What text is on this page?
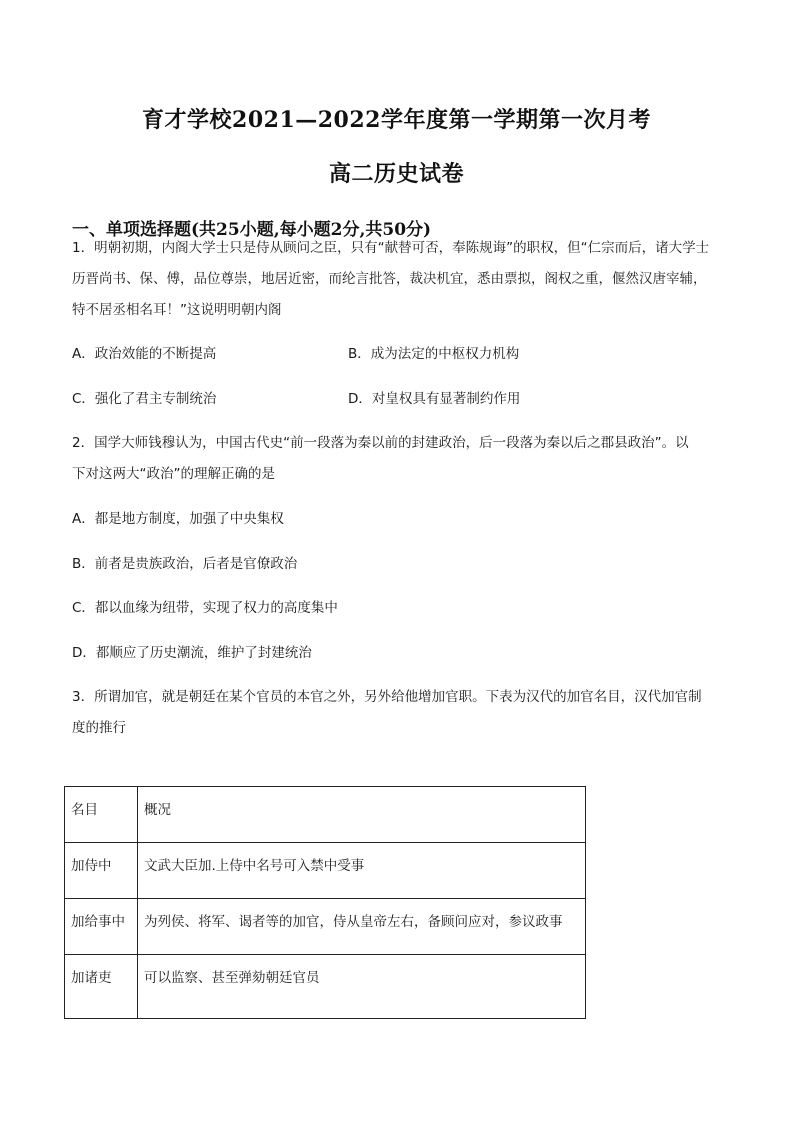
育才学校2021—2022学年度第一学期第一次月考
高二历史试卷
一、单项选择题(共25小题,每小题2分,共50分)
1．明朝初期，内阁大学士只是侍从顾问之臣，只有“献替可否，奉陈规诲”的职权，但“仁宗而后，诸大学士
历晋尚书、保、傅，品位尊崇，地居近密，而纶言批答，裁决机宜，悉由票拟，阁权之重，偃然汉唐宰辅，
特不居丞相名耳！”这说明明朝内阁
A．政治效能的不断提高	B．成为法定的中枢权力机构
C．强化了君主专制统治	D．对皇权具有显著制约作用
2．国学大师钱穆认为，中国古代史“前一段落为秦以前的封建政治，后一段落为秦以后之郡县政治”。以
下对这两大“政治”的理解正确的是
A．都是地方制度，加强了中央集权
B．前者是贵族政治，后者是官僚政治
C．都以血缘为纽带，实现了权力的高度集中
D．都顺应了历史潮流，维护了封建统治
3．所谓加官，就是朝廷在某个官员的本官之外，另外给他增加官职。下表为汉代的加官名目，汉代加官制
度的推行
名目	概况
加侍中	文武大臣加.上侍中名号可入禁中受事
加给事中	为列侯、将军、谒者等的加官，侍从皇帝左右，备顾问应对，参议政事
加诸吏	可以监察、甚至弹劾朝廷官员
